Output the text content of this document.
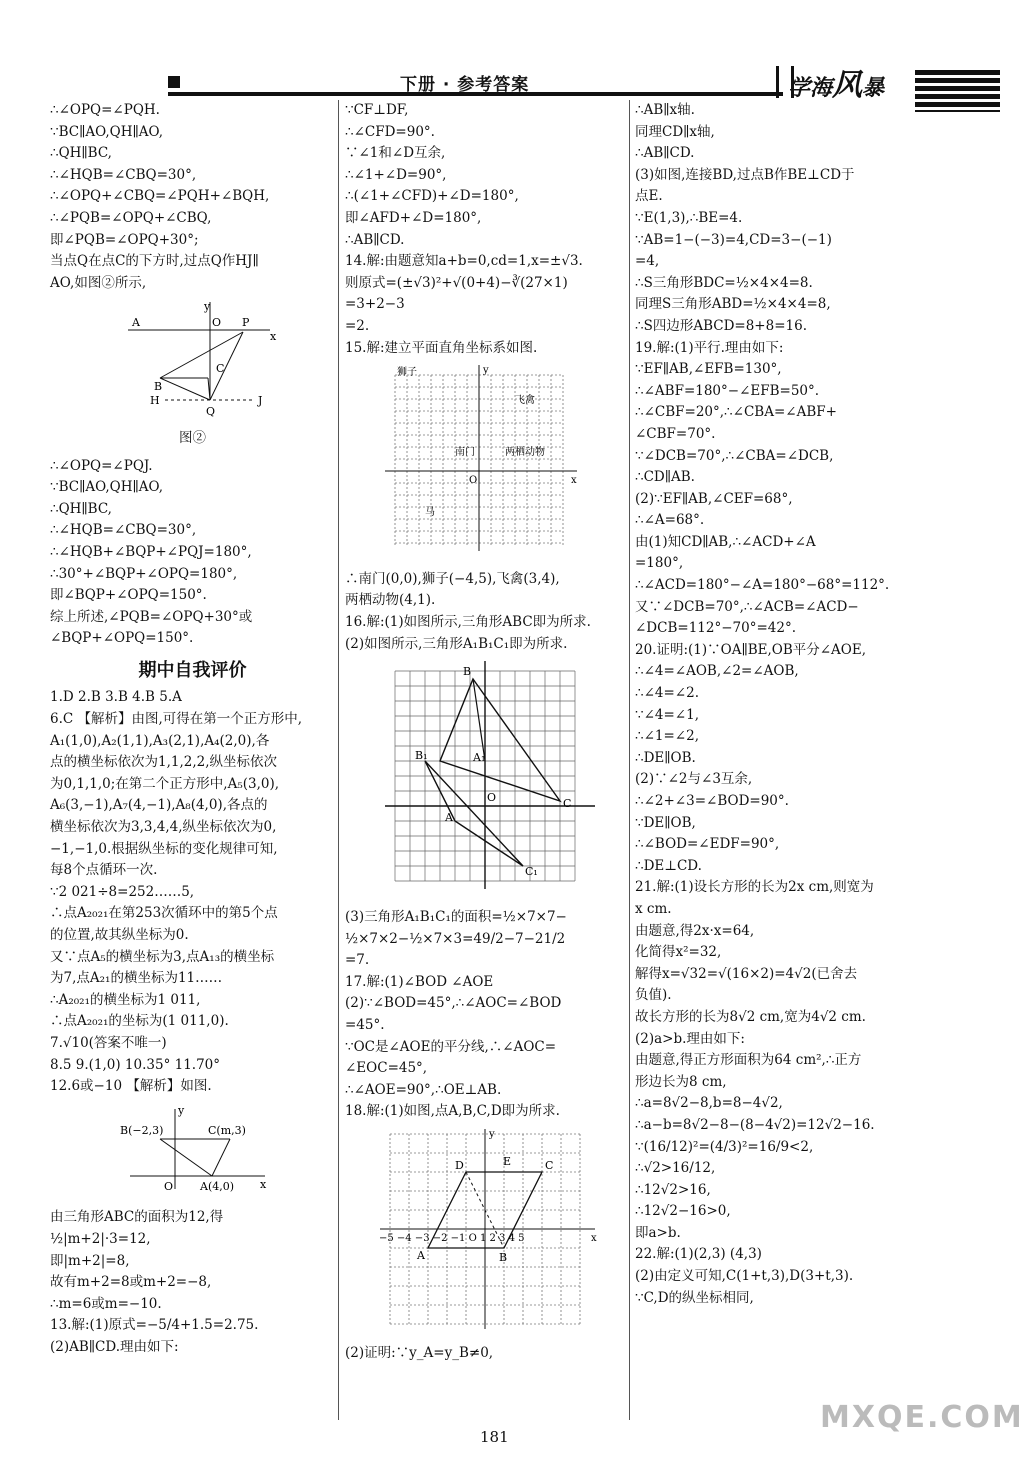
下册 · 参考答案	学海风暴
∴∠OPQ=∠PQH.
∵BC∥AO,QH∥AO,
∴QH∥BC,
∴∠HQB=∠CBQ=30°,
∴∠OPQ+∠CBQ=∠PQH+∠BQH,
∴∠PQB=∠OPQ+∠CBQ,
即∠PQB=∠OPQ+30°;
当点Q在点C的下方时,过点Q作HJ∥
AO,如图②所示,
A	O P
x
y
C
B
H
Q
J
图②
∴∠OPQ=∠PQJ.
∵BC∥AO,QH∥AO,
∴QH∥BC,
∴∠HQB=∠CBQ=30°,
∴∠HQB+∠BQP+∠PQJ=180°,
∴30°+∠BQP+∠OPQ=180°,
即∠BQP+∠OPQ=150°.
综上所述,∠PQB=∠OPQ+30°或
∠BQP+∠OPQ=150°.
期中自我评价
1.D 2.B 3.B 4.B 5.A
6.C 【解析】由图,可得在第一个正方形中,
A₁(1,0),A₂(1,1),A₃(2,1),A₄(2,0),各
点的横坐标依次为1,1,2,2,纵坐标依次
为0,1,1,0;在第二个正方形中,A₅(3,0),
A₆(3,−1),A₇(4,−1),A₈(4,0),各点的
横坐标依次为3,3,4,4,纵坐标依次为0,
−1,−1,0.根据纵坐标的变化规律可知,
每8个点循环一次.
∵2 021÷8=252……5,
∴点A₂₀₂₁在第253次循环中的第5个点
的位置,故其纵坐标为0.
又∵点A₅的横坐标为3,点A₁₃的横坐标
为7,点A₂₁的横坐标为11……
∴A₂₀₂₁的横坐标为1 011,
∴点A₂₀₂₁的坐标为(1 011,0).
7.√10(答案不唯一)
8.5 9.(1,0) 10.35° 11.70°
12.6或−10 【解析】如图.
B(−2,3)	C(m,3)
O A(4,0) x
y
由三角形ABC的面积为12,得
½|m+2|·3=12,
即|m+2|=8,
故有m+2=8或m+2=−8,
∴m=6或m=−10.
13.解:(1)原式=−5/4+1.5=2.75.
(2)AB∥CD.理由如下:
∵CF⊥DF,
∴∠CFD=90°.
∵∠1和∠D互余,
∴∠1+∠D=90°,
∴(∠1+∠CFD)+∠D=180°,
即∠AFD+∠D=180°,
∴AB∥CD.
14.解:由题意知a+b=0,cd=1,x=±√3.
则原式=(±√3)²+√(0+4)−∛(27×1)
=3+2−3
=2.
15.解:建立平面直角坐标系如图.
狮子
飞禽
南门	两栖动物
马
O	x
y
∴南门(0,0),狮子(−4,5),飞禽(3,4),
两栖动物(4,1).
16.解:(1)如图所示,三角形ABC即为所求.
(2)如图所示,三角形A₁B₁C₁即为所求.
B
B₁
A
A₁
C
C₁
O
(3)三角形A₁B₁C₁的面积=½×7×7−
½×7×2−½×7×3=49/2−7−21/2
=7.
17.解:(1)∠BOD ∠AOE
(2)∵∠BOD=45°,∴∠AOC=∠BOD
=45°.
∵OC是∠AOE的平分线,∴∠AOC=
∠EOC=45°,
∴∠AOE=90°,∴OE⊥AB.
18.解:(1)如图,点A,B,C,D即为所求.
D	E	C
A	B
x
y
−5 −4 −3 −2 −1 O 1 2 3 4 5
(2)证明:∵y_A=y_B≠0,
∴AB∥x轴.
同理CD∥x轴,
∴AB∥CD.
(3)如图,连接BD,过点B作BE⊥CD于
点E.
∵E(1,3),∴BE=4.
∵AB=1−(−3)=4,CD=3−(−1)
=4,
∴S三角形BDC=½×4×4=8.
同理S三角形ABD=½×4×4=8,
∴S四边形ABCD=8+8=16.
19.解:(1)平行.理由如下:
∵EF∥AB,∠EFB=130°,
∴∠ABF=180°−∠EFB=50°.
∴∠CBF=20°,∴∠CBA=∠ABF+
∠CBF=70°.
∵∠DCB=70°,∴∠CBA=∠DCB,
∴CD∥AB.
(2)∵EF∥AB,∠CEF=68°,
∴∠A=68°.
由(1)知CD∥AB,∴∠ACD+∠A
=180°,
∴∠ACD=180°−∠A=180°−68°=112°.
又∵∠DCB=70°,∴∠ACB=∠ACD−
∠DCB=112°−70°=42°.
20.证明:(1)∵OA∥BE,OB平分∠AOE,
∴∠4=∠AOB,∠2=∠AOB,
∴∠4=∠2.
∵∠4=∠1,
∴∠1=∠2,
∴DE∥OB.
(2)∵∠2与∠3互余,
∴∠2+∠3=∠BOD=90°.
∵DE∥OB,
∴∠BOD=∠EDF=90°,
∴DE⊥CD.
21.解:(1)设长方形的长为2x cm,则宽为
x cm.
由题意,得2x·x=64,
化简得x²=32,
解得x=√32=√(16×2)=4√2(已舍去
负值).
故长方形的长为8√2 cm,宽为4√2 cm.
(2)a>b.理由如下:
由题意,得正方形面积为64 cm²,∴正方
形边长为8 cm,
∴a=8√2−8,b=8−4√2,
∴a−b=8√2−8−(8−4√2)=12√2−16.
∵(16/12)²=(4/3)²=16/9<2,
∴√2>16/12,
∴12√2>16,
∴12√2−16>0,
即a>b.
22.解:(1)(2,3) (4,3)
(2)由定义可知,C(1+t,3),D(3+t,3).
∵C,D的纵坐标相同,
181
MXQE.COM
